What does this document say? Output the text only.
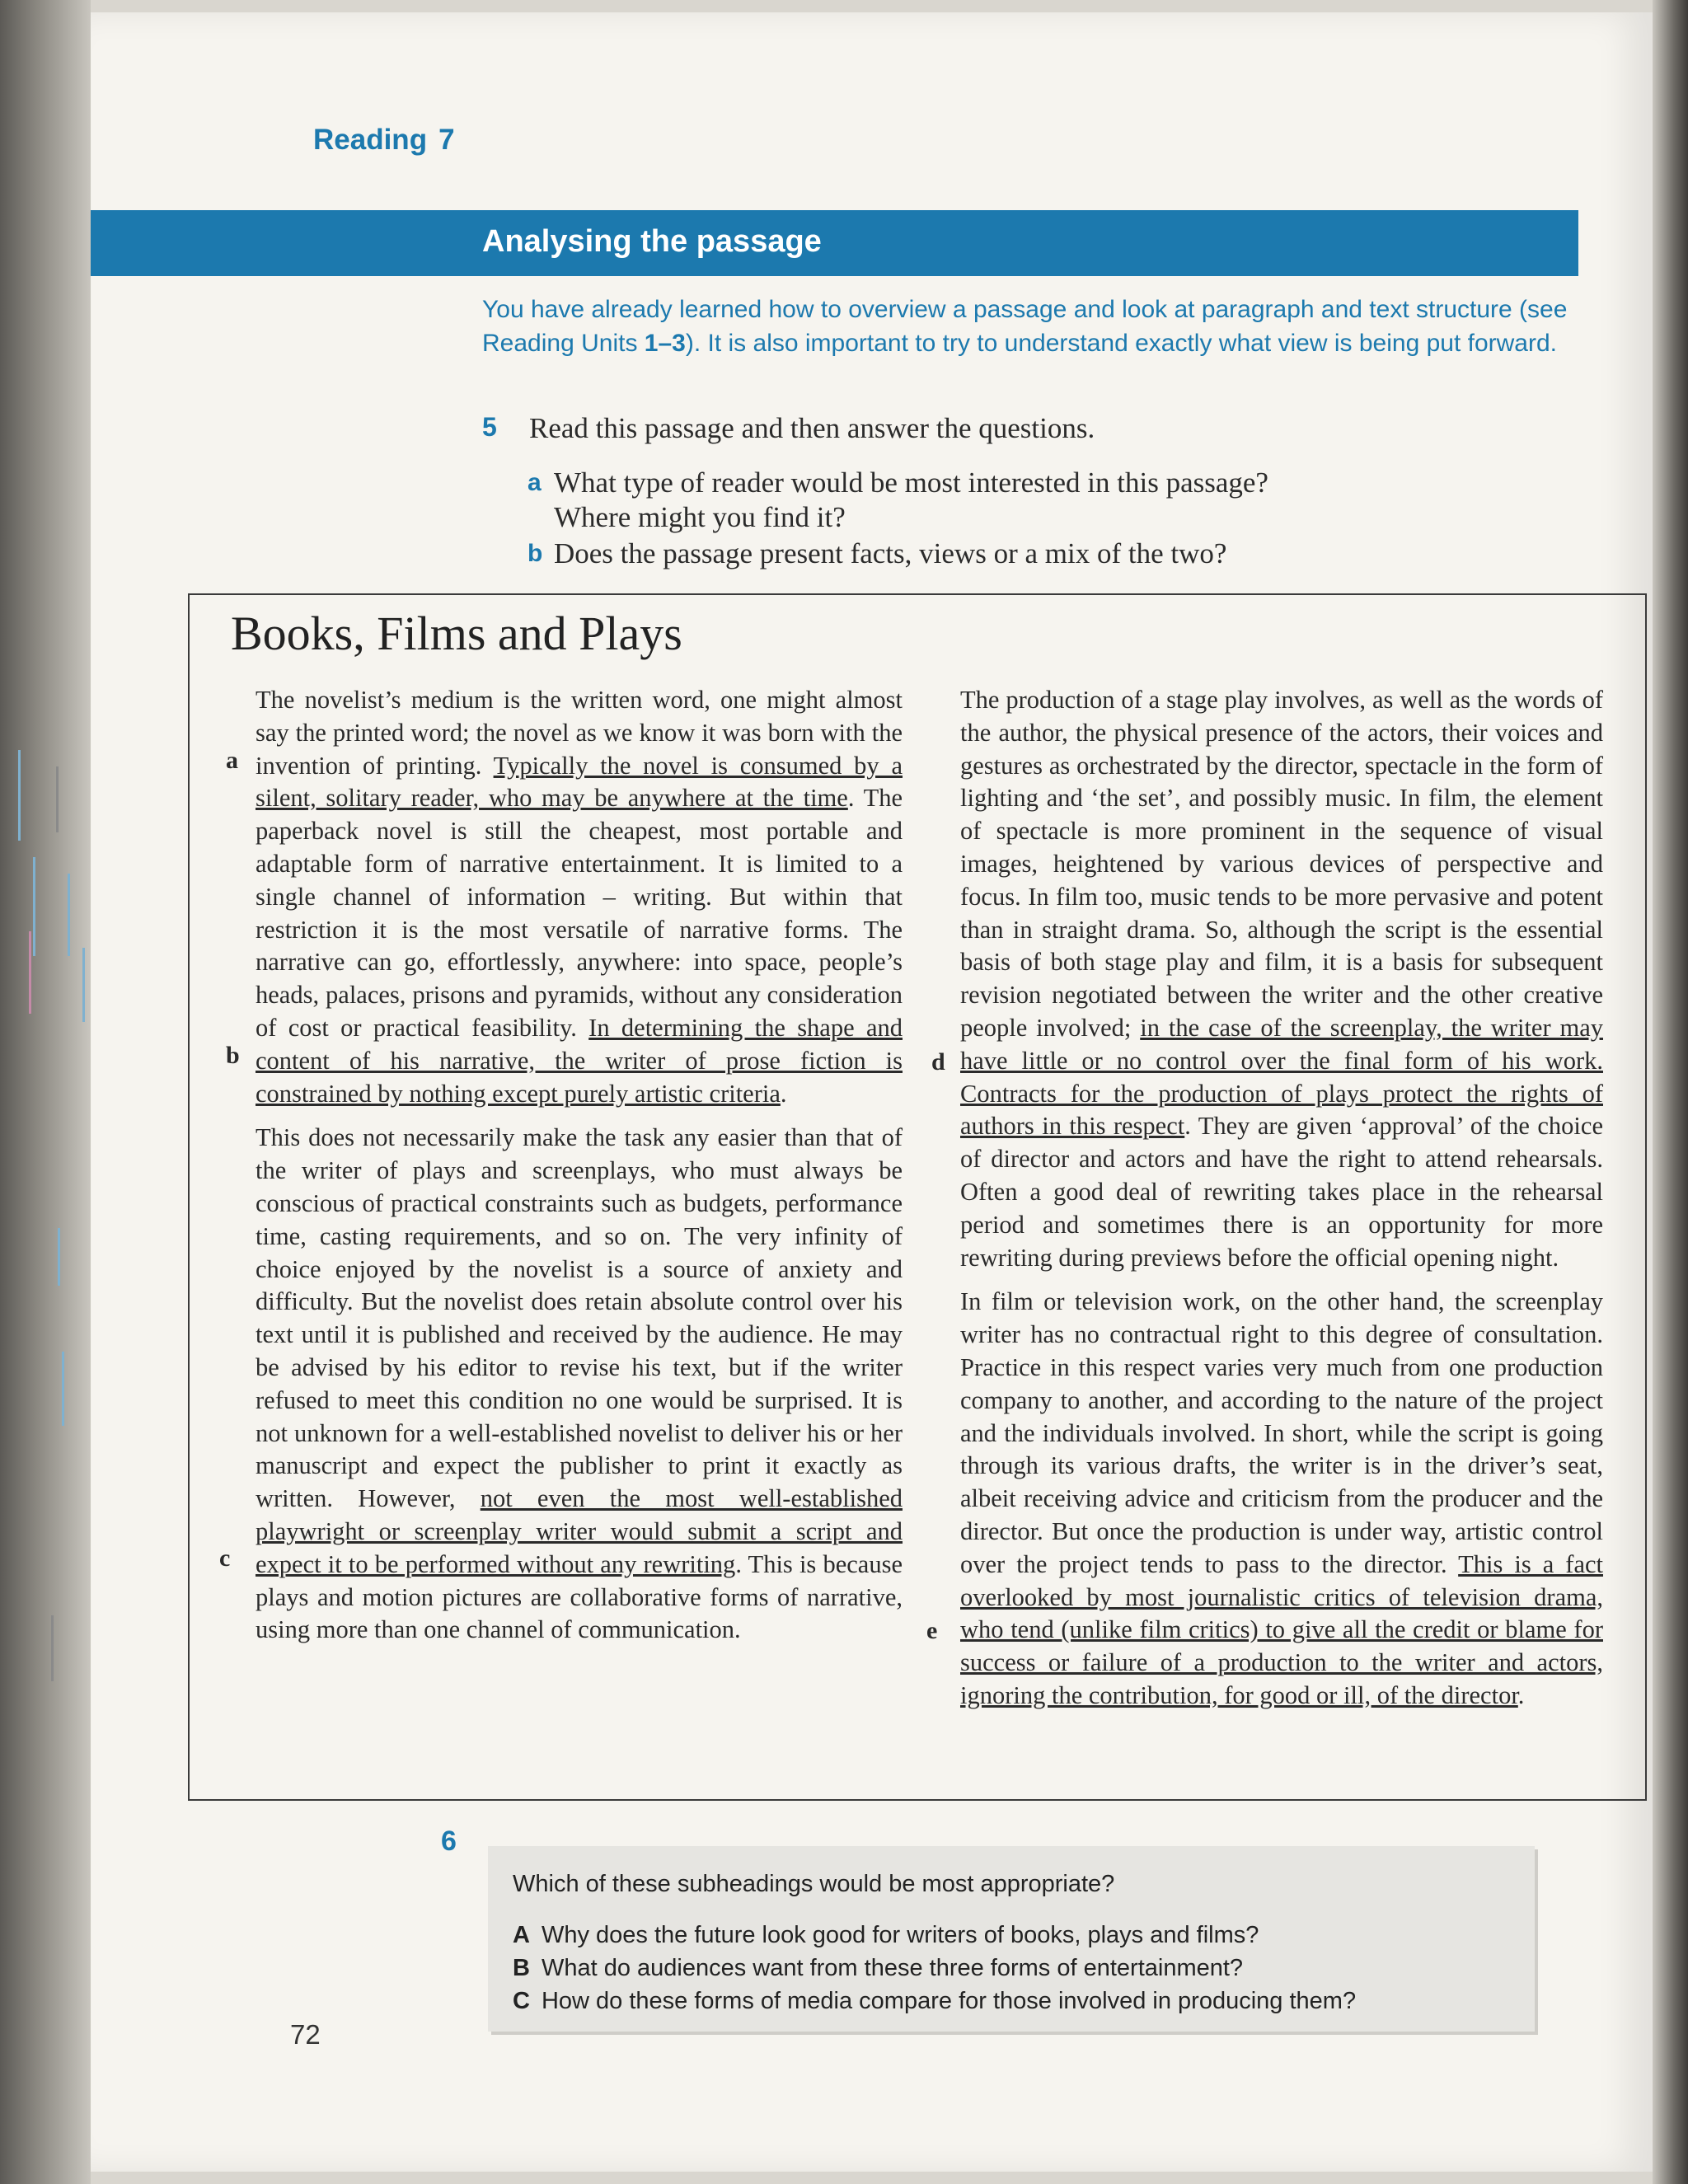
Reading 7
Analysing the passage
You have already learned how to overview a passage and look at paragraph and text structure (see Reading Units 1–3). It is also important to try to understand exactly what view is being put forward.
5 Read this passage and then answer the questions.
a What type of reader would be most interested in this passage?
Where might you find it?
b Does the passage present facts, views or a mix of the two?
Books, Films and Plays

The novelist’s medium is the written word, one might almost say the printed word; the novel as we know it was born with the invention of printing. Typically the novel is consumed by a silent, solitary reader, who may be anywhere at the time. The paperback novel is still the cheapest, most portable and adaptable form of narrative entertainment. It is limited to a single channel of information – writing. But within that restriction it is the most versatile of narrative forms. The narrative can go, effortlessly, anywhere: into space, people’s heads, palaces, prisons and pyramids, without any consideration of cost or practical feasibility. In determining the shape and content of his narrative, the writer of prose fiction is constrained by nothing except purely artistic criteria.

This does not necessarily make the task any easier than that of the writer of plays and screenplays, who must always be conscious of practical constraints such as budgets, performance time, casting requirements, and so on. The very infinity of choice enjoyed by the novelist is a source of anxiety and difficulty. But the novelist does retain absolute control over his text until it is published and received by the audience. He may be advised by his editor to revise his text, but if the writer refused to meet this condition no one would be surprised. It is not unknown for a well-established novelist to deliver his or her manuscript and expect the publisher to print it exactly as written. However, not even the most well-established playwright or screenplay writer would submit a script and expect it to be performed without any rewriting. This is because plays and motion pictures are collaborative forms of narrative, using more than one channel of communication.

The production of a stage play involves, as well as the words of the author, the physical presence of the actors, their voices and gestures as orchestrated by the director, spectacle in the form of lighting and ‘the set’, and possibly music. In film, the element of spectacle is more prominent in the sequence of visual images, heightened by various devices of perspective and focus. In film too, music tends to be more pervasive and potent than in straight drama. So, although the script is the essential basis of both stage play and film, it is a basis for subsequent revision negotiated between the writer and the other creative people involved; in the case of the screenplay, the writer may have little or no control over the final form of his work. Contracts for the production of plays protect the rights of authors in this respect. They are given ‘approval’ of the choice of director and actors and have the right to attend rehearsals. Often a good deal of rewriting takes place in the rehearsal period and sometimes there is an opportunity for more rewriting during previews before the official opening night.

In film or television work, on the other hand, the screenplay writer has no contractual right to this degree of consultation. Practice in this respect varies very much from one production company to another, and according to the nature of the project and the individuals involved. In short, while the script is going through its various drafts, the writer is in the driver’s seat, albeit receiving advice and criticism from the producer and the director. But once the production is under way, artistic control over the project tends to pass to the director. This is a fact overlooked by most journalistic critics of television drama, who tend (unlike film critics) to give all the credit or blame for success or failure of a production to the writer and actors, ignoring the contribution, for good or ill, of the director.

a
b
c
d
e
6
Which of these subheadings would be most appropriate?
A Why does the future look good for writers of books, plays and films?
B What do audiences want from these three forms of entertainment?
C How do these forms of media compare for those involved in producing them?
72
